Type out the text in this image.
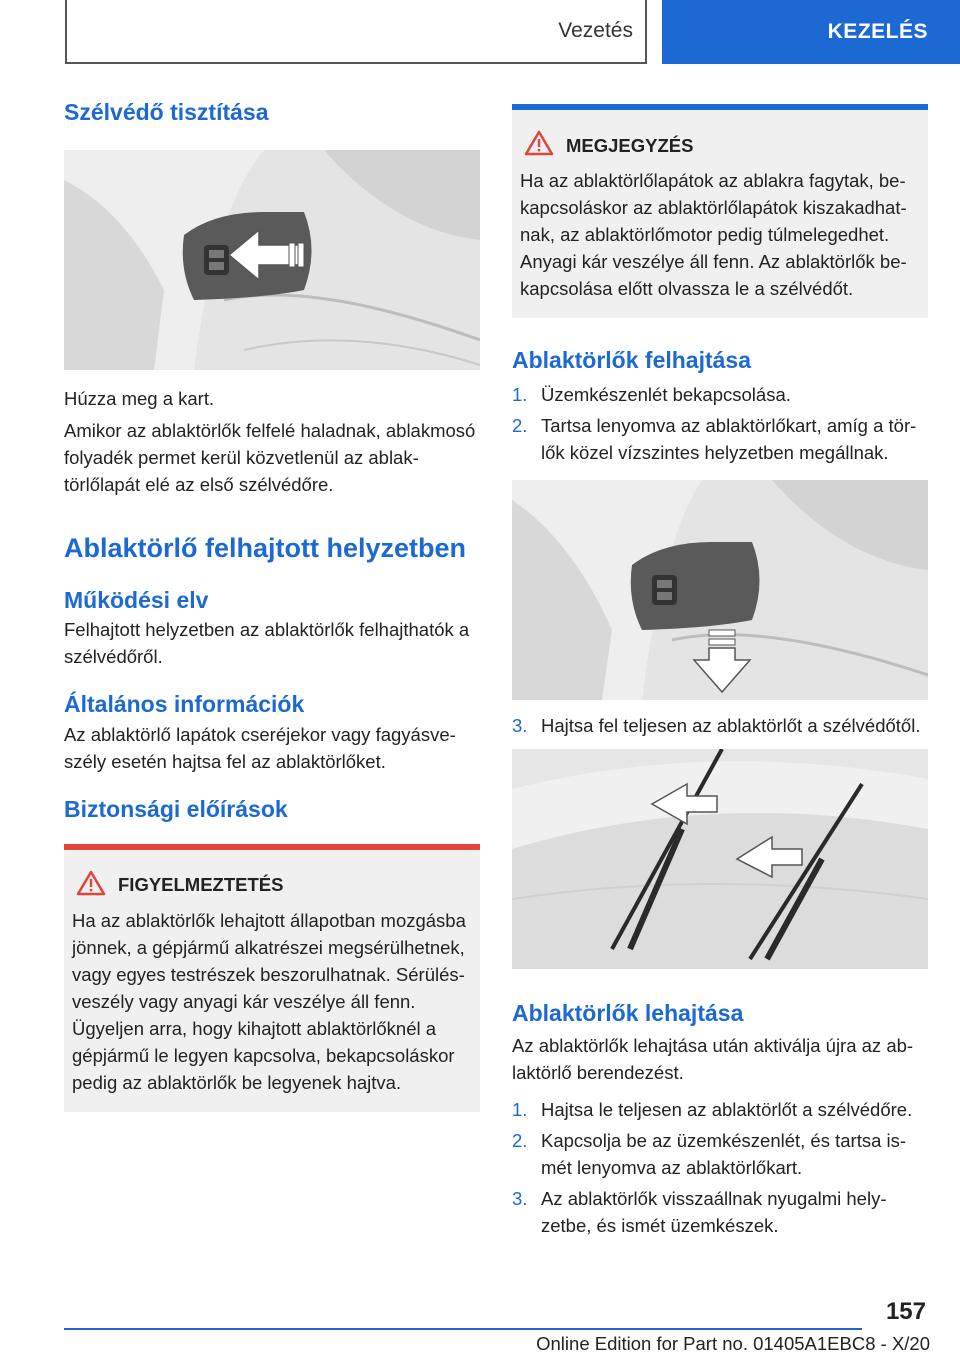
Vezetés	KEZELÉS
Szélvédő tisztítása

Húzza meg a kart.

Amikor az ablaktörlők felfelé haladnak, ablakmosó folyadék permet kerül közvetlenül az ablaktörlőlapát elé az első szélvédőre.

Ablaktörlő felhajtott helyzetben
Működési elv

Felhajtott helyzetben az ablaktörlők felhajthatók a szélvédőről.

Általános információk

Az ablaktörlő lapátok cseréjekor vagy fagyásveszély esetén hajtsa fel az ablaktörlőket.

Biztonsági előírások
FIGYELMEZTETÉS

Ha az ablaktörlők lehajtott állapotban mozgásba jönnek, a gépjármű alkatrészei megsérülhetnek, vagy egyes testrészek beszorulhatnak. Sérülésveszély vagy anyagi kár veszélye áll fenn. Ügyeljen arra, hogy kihajtott ablaktörlőknél a gépjármű le legyen kapcsolva, bekapcsoláskor pedig az ablaktörlők be legyenek hajtva.

MEGJEGYZÉS

Ha az ablaktörlőlapátok az ablakra fagytak, bekapcsoláskor az ablaktörlőlapátok kiszakadhatnak, az ablaktörlőmotor pedig túlmelegedhet. Anyagi kár veszélye áll fenn. Az ablaktörlők bekapcsolása előtt olvassza le a szélvédőt.

Ablaktörlők felhajtása
1. Üzemkészenlét bekapcsolása.
2. Tartsa lenyomva az ablaktörlőkart, amíg a törlők közel vízszintes helyzetben megállnak.
3. Hajtsa fel teljesen az ablaktörlőt a szélvédőtől.
Ablaktörlők lehajtása

Az ablaktörlők lehajtása után aktiválja újra az ablaktörlő berendezést.

1. Hajtsa le teljesen az ablaktörlőt a szélvédőre.
2. Kapcsolja be az üzemkészenlét, és tartsa ismét lenyomva az ablaktörlőkart.
3. Az ablaktörlők visszaállnak nyugalmi helyzetbe, és ismét üzemkészek.
157
Online Edition for Part no. 01405A1EBC8 - X/20
